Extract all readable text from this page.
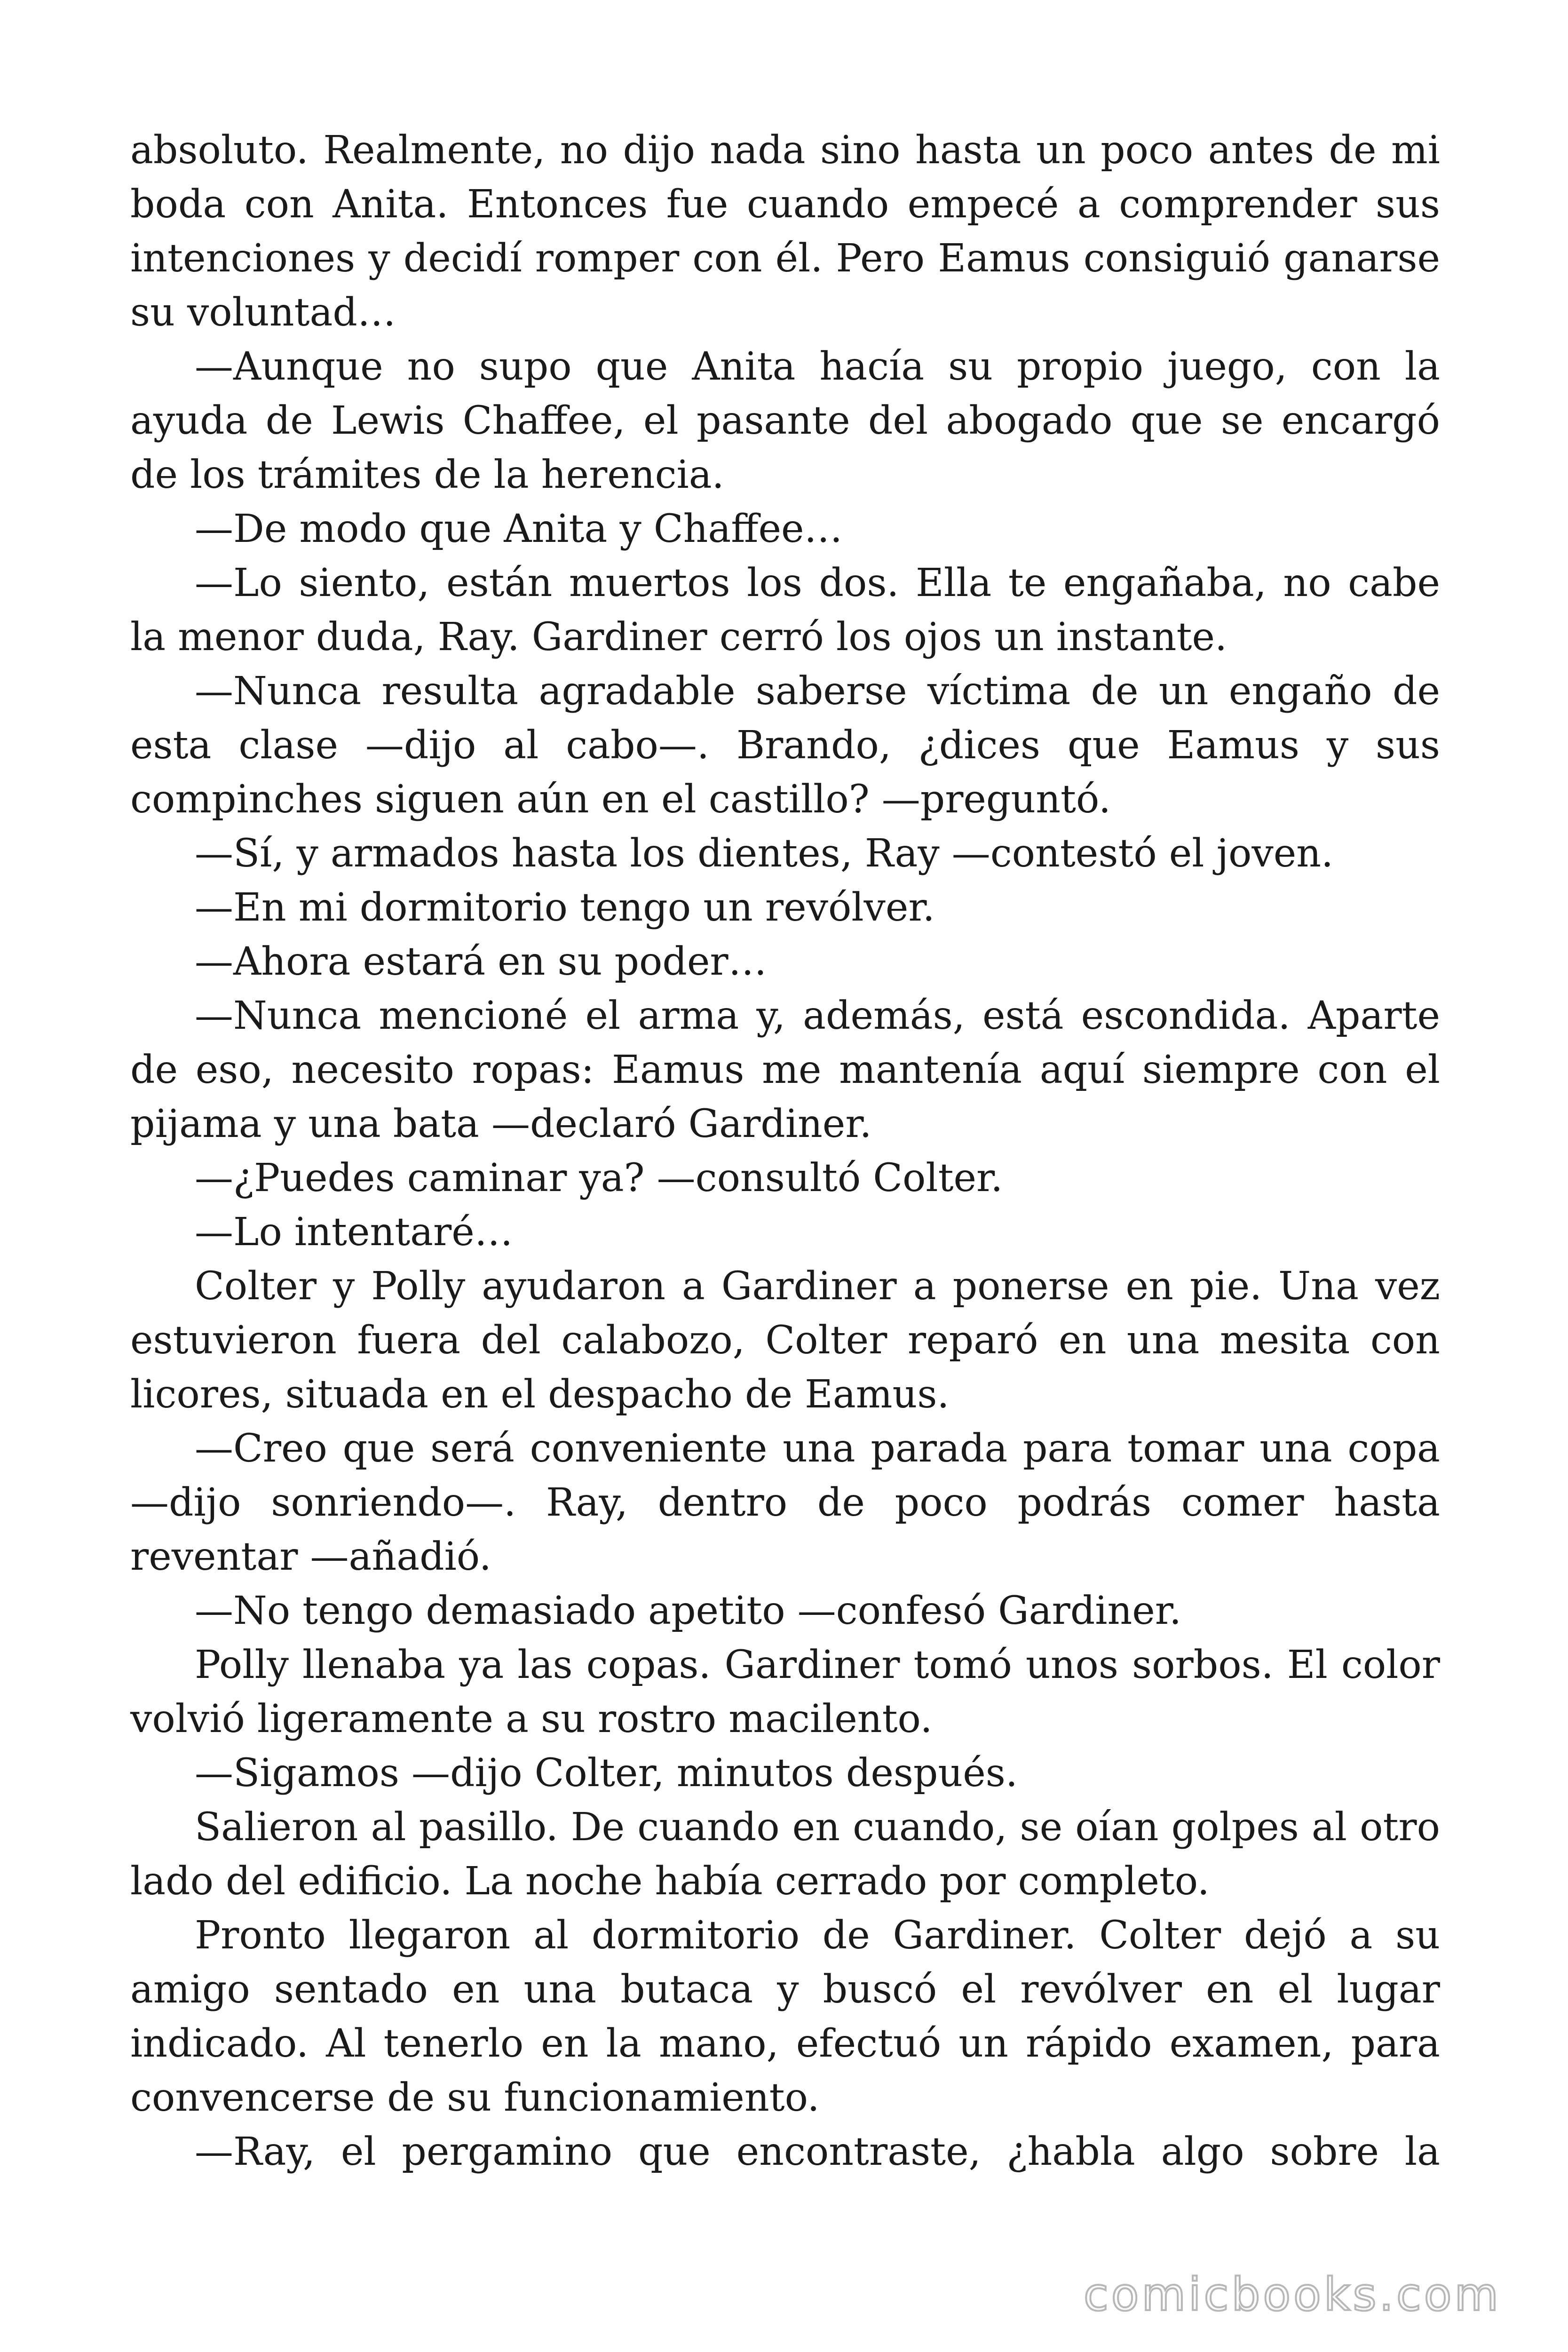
absoluto. Realmente, no dijo nada sino hasta un poco antes de mi boda con Anita. Entonces fue cuando empecé a comprender sus intenciones y decidí romper con él. Pero Eamus consiguió ganarse su voluntad…

—Aunque no supo que Anita hacía su propio juego, con la ayuda de Lewis Chaffee, el pasante del abogado que se encargó de los trámites de la herencia.

—De modo que Anita y Chaffee…

—Lo siento, están muertos los dos. Ella te engañaba, no cabe la menor duda, Ray. Gardiner cerró los ojos un instante.

—Nunca resulta agradable saberse víctima de un engaño de esta clase —dijo al cabo—. Brando, ¿dices que Eamus y sus compinches siguen aún en el castillo? —preguntó.

—Sí, y armados hasta los dientes, Ray —contestó el joven.

—En mi dormitorio tengo un revólver.

—Ahora estará en su poder…

—Nunca mencioné el arma y, además, está escondida. Aparte de eso, necesito ropas: Eamus me mantenía aquí siempre con el pijama y una bata —declaró Gardiner.

—¿Puedes caminar ya? —consultó Colter.

—Lo intentaré…

Colter y Polly ayudaron a Gardiner a ponerse en pie. Una vez estuvieron fuera del calabozo, Colter reparó en una mesita con licores, situada en el despacho de Eamus.

—Creo que será conveniente una parada para tomar una copa —dijo sonriendo—. Ray, dentro de poco podrás comer hasta reventar —añadió.

—No tengo demasiado apetito —confesó Gardiner.

Polly llenaba ya las copas. Gardiner tomó unos sorbos. El color volvió ligeramente a su rostro macilento.

—Sigamos —dijo Colter, minutos después.

Salieron al pasillo. De cuando en cuando, se oían golpes al otro lado del edificio. La noche había cerrado por completo.

Pronto llegaron al dormitorio de Gardiner. Colter dejó a su amigo sentado en una butaca y buscó el revólver en el lugar indicado. Al tenerlo en la mano, efectuó un rápido examen, para convencerse de su funcionamiento.

—Ray, el pergamino que encontraste, ¿habla algo sobre la

comicbooks.com
